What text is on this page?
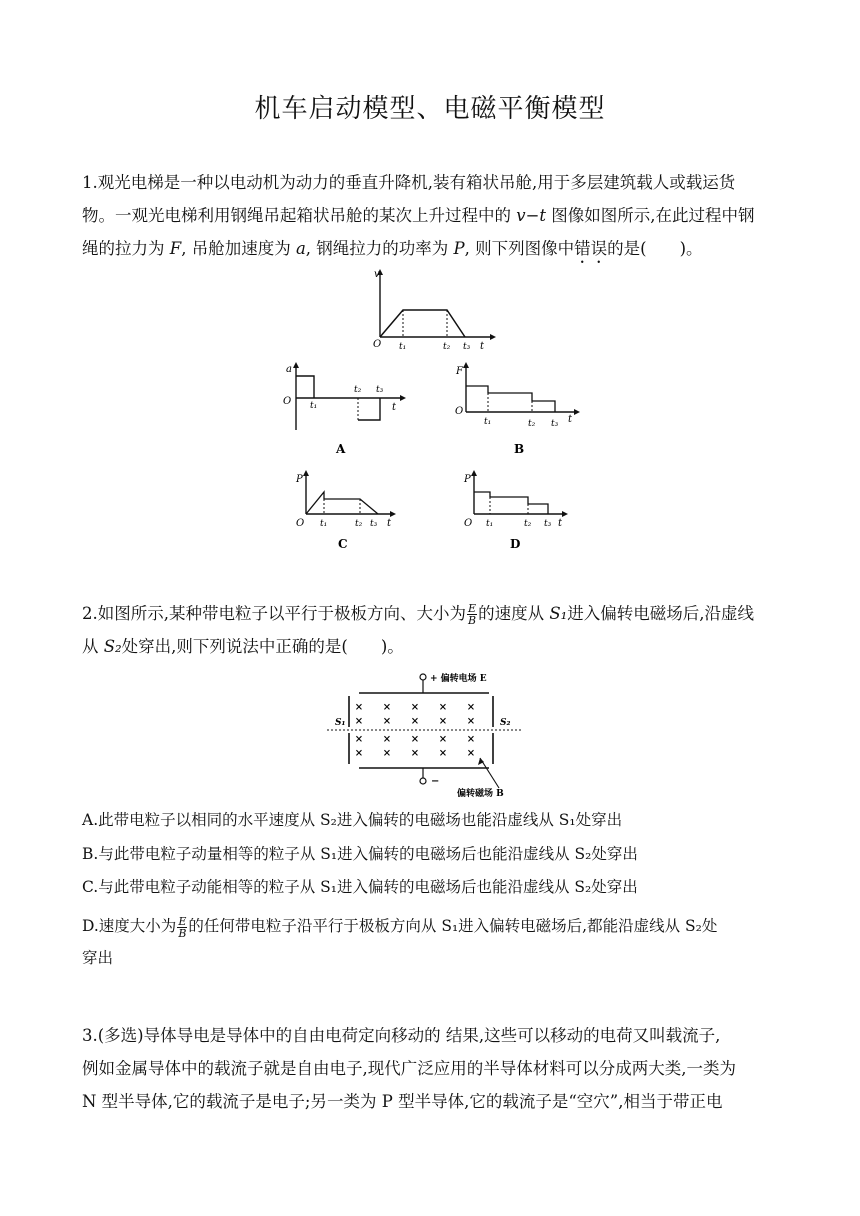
机车启动模型、电磁平衡模型
1.观光电梯是一种以电动机为动力的垂直升降机,装有箱状吊舱,用于多层建筑载人或载运货
物。一观光电梯利用钢绳吊起箱状吊舱的某次上升过程中的 v−t 图像如图所示,在此过程中钢
绳的拉力为 F, 吊舱加速度为 a, 钢绳拉力的功率为 P, 则下列图像中错误的是(　　)。
v
O t₁	t₂ t₃ t
a
O t₁
t₂ t₃
t
A
F
O
t₁	t₂ t₃ t
B
P
O t₁	t₂ t₃ t
C
P
O t₁	t₂ t₃ t
D
2.如图所示,某种带电粒子以平行于极板方向、大小为 $\frac{E}{B}$ 的速度从 S₁进入偏转电磁场后,沿虚线
从 S₂处穿出,则下列说法中正确的是(　　)。
+ 偏转电场 E
S₁	S₂
× × × × ×
× × × × ×
× × × × ×
× × × × ×
−
偏转磁场 B
A.此带电粒子以相同的水平速度从 S₂进入偏转的电磁场也能沿虚线从 S₁处穿出
B.与此带电粒子动量相等的粒子从 S₁进入偏转的电磁场后也能沿虚线从 S₂处穿出
C.与此带电粒子动能相等的粒子从 S₁进入偏转的电磁场后也能沿虚线从 S₂处穿出
D.速度大小为 $\frac{E}{B}$ 的任何带电粒子沿平行于极板方向从 S₁进入偏转电磁场后,都能沿虚线从 S₂处
穿出
3.(多选)导体导电是导体中的自由电荷定向移动的 结果,这些可以移动的电荷又叫载流子,
例如金属导体中的载流子就是自由电子,现代广泛应用的半导体材料可以分成两大类,一类为
N 型半导体,它的载流子是电子;另一类为 P 型半导体,它的载流子是“空穴”,相当于带正电
